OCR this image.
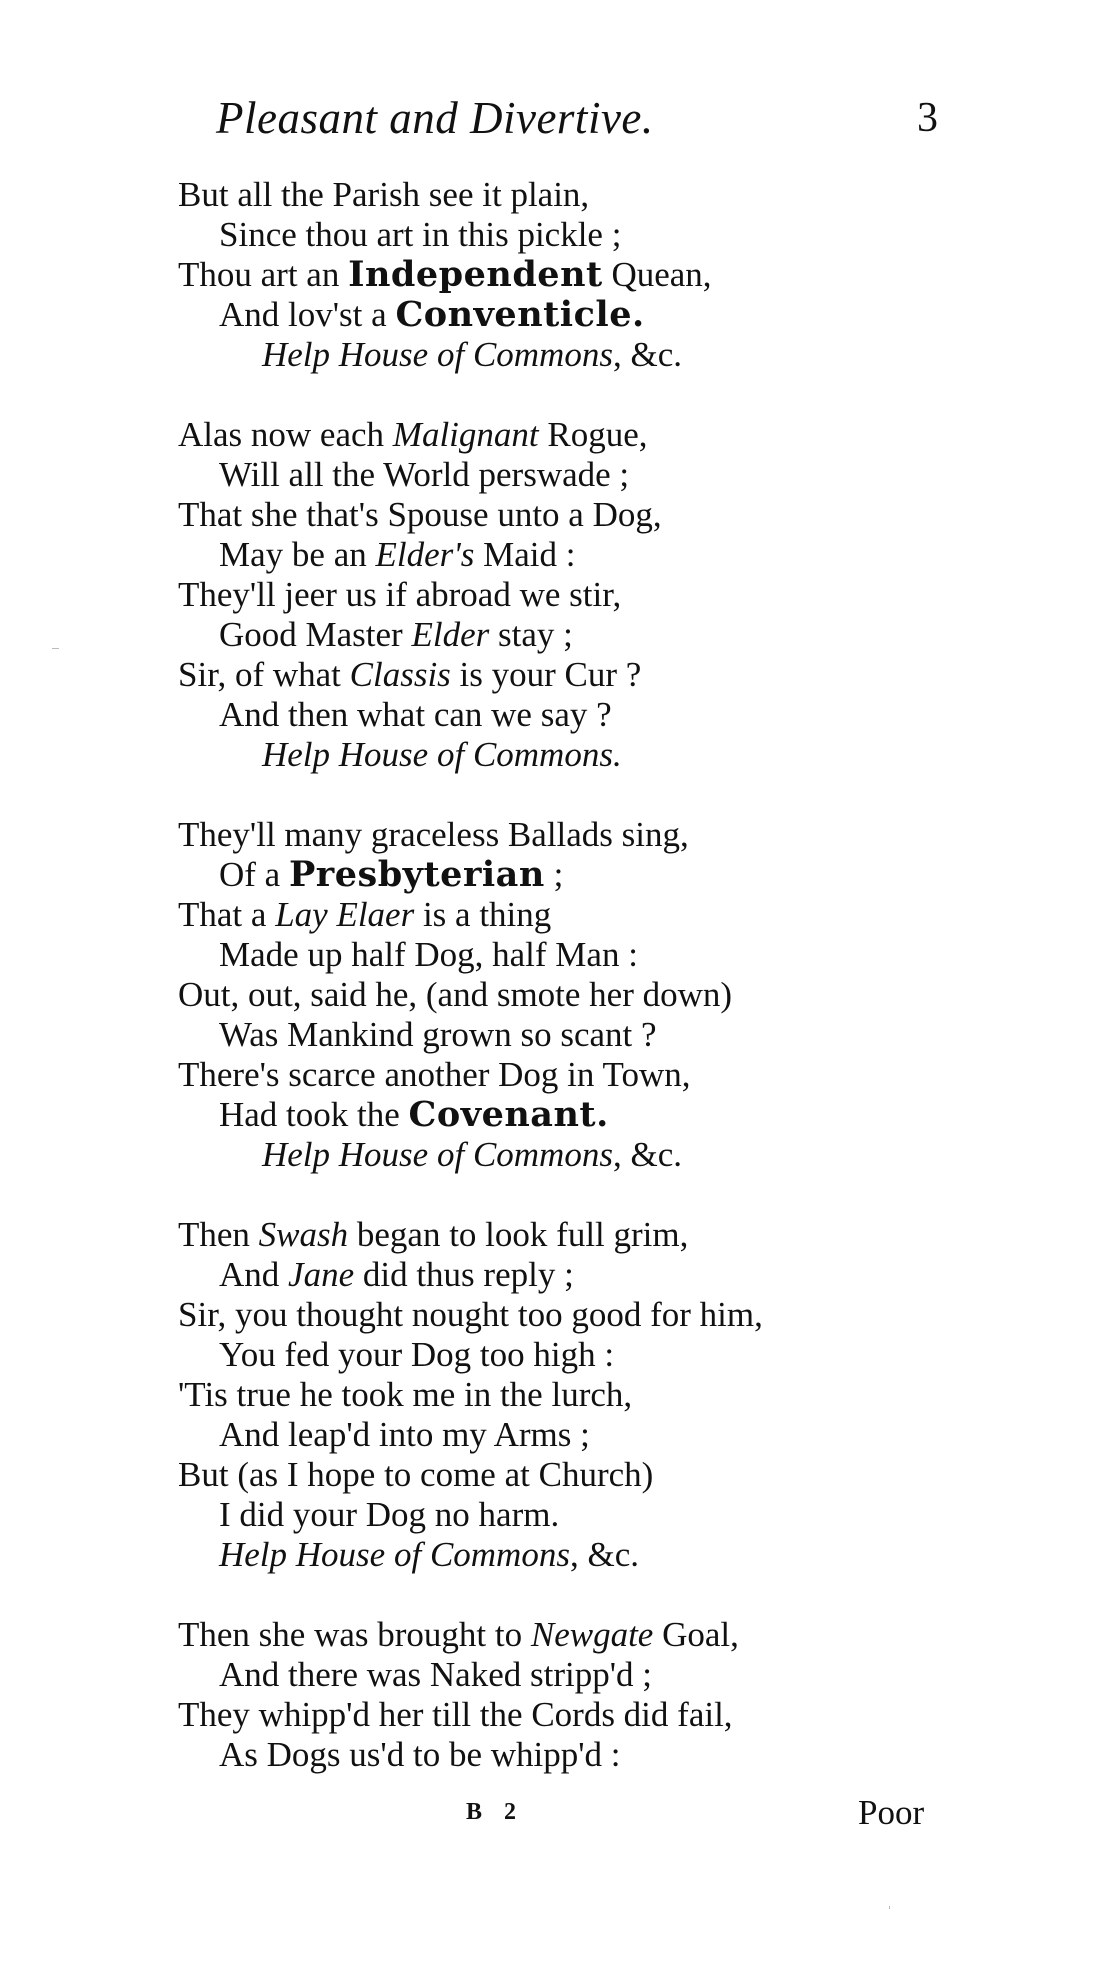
Pleasant and Divertive.	3
But all the Parish see it plain,
Since thou art in this pickle ;
Thou art an Independent Quean,
And lov'st a Conventicle.
Help House of Commons, &c.
Alas now each Malignant Rogue,
Will all the World perswade ;
That she that's Spouse unto a Dog,
May be an Elder's Maid :
They'll jeer us if abroad we stir,
Good Master Elder stay ;
Sir, of what Classis is your Cur ?
And then what can we say ?
Help House of Commons.
They'll many graceless Ballads sing,
Of a Presbyterian ;
That a Lay Elaer is a thing
Made up half Dog, half Man :
Out, out, said he, (and smote her down)
Was Mankind grown so scant ?
There's scarce another Dog in Town,
Had took the Covenant.
Help House of Commons, &c.
Then Swash began to look full grim,
And Jane did thus reply ;
Sir, you thought nought too good for him,
You fed your Dog too high :
'Tis true he took me in the lurch,
And leap'd into my Arms ;
But (as I hope to come at Church)
I did your Dog no harm.
Help House of Commons, &c.
Then she was brought to Newgate Goal,
And there was Naked stripp'd ;
They whipp'd her till the Cords did fail,
As Dogs us'd to be whipp'd :
B 2	Poor
